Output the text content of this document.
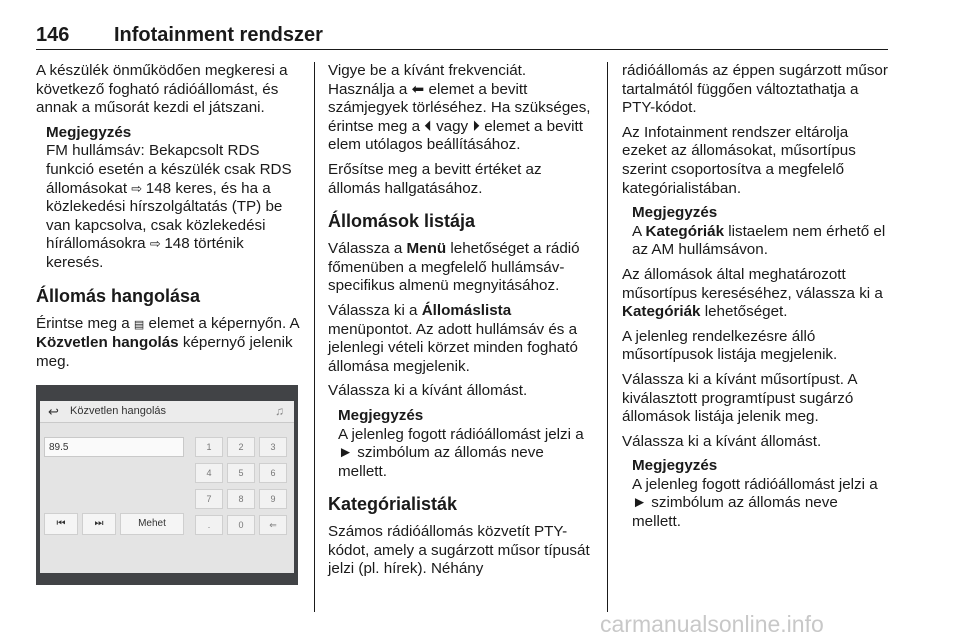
146 Infotainment rendszer
A készülék önműködően megkeresi a következő fogható rádióállomást, és annak a műsorát kezdi el játszani.
Megjegyzés
FM hullámsáv: Bekapcsolt RDS funkció esetén a készülék csak RDS állomásokat ⇨ 148 keres, és ha a közlekedési hírszolgáltatás (TP) be van kapcsolva, csak közlekedési hírállomásokra ⇨ 148 történik keresés.
Állomás hangolása
Érintse meg a ▤ elemet a képernyőn. A Közvetlen hangolás képernyő jelenik meg.
↩ Közvetlen hangolás	♫
89.5	1	2	3
4	5	6
7	8	9
.	0	⇐
⏮	⏭	Mehet
Vigye be a kívánt frekvenciát. Használja a ⬅ elemet a bevitt számjegyek törléséhez. Ha szükséges, érintse meg a ⏴ vagy ⏵ elemet a bevitt elem utólagos beállításához.
Erősítse meg a bevitt értéket az állomás hallgatásához.
Állomások listája
Válassza a Menü lehetőséget a rádió főmenüben a megfelelő hullámsáv-specifikus almenü megnyitásához.
Válassza ki a Állomáslista menüpontot. Az adott hullámsáv és a jelenlegi vételi körzet minden fogható állomása megjelenik.
Válassza ki a kívánt állomást.
Megjegyzés
A jelenleg fogott rádióállomást jelzi a ► szimbólum az állomás neve mellett.
Kategórialisták
Számos rádióállomás közvetít PTY-kódot, amely a sugárzott műsor típusát jelzi (pl. hírek). Néhány
rádióállomás az éppen sugárzott műsor tartalmától függően változtathatja a PTY-kódot.
Az Infotainment rendszer eltárolja ezeket az állomásokat, műsortípus szerint csoportosítva a megfelelő kategórialistában.
Megjegyzés
A Kategóriák listaelem nem érhető el az AM hullámsávon.
Az állomások által meghatározott műsortípus kereséséhez, válassza ki a Kategóriák lehetőséget.
A jelenleg rendelkezésre álló műsortípusok listája megjelenik.
Válassza ki a kívánt műsortípust. A kiválasztott programtípust sugárzó állomások listája jelenik meg.
Válassza ki a kívánt állomást.
Megjegyzés
A jelenleg fogott rádióállomást jelzi a ► szimbólum az állomás neve mellett.
carmanualsonline.info
